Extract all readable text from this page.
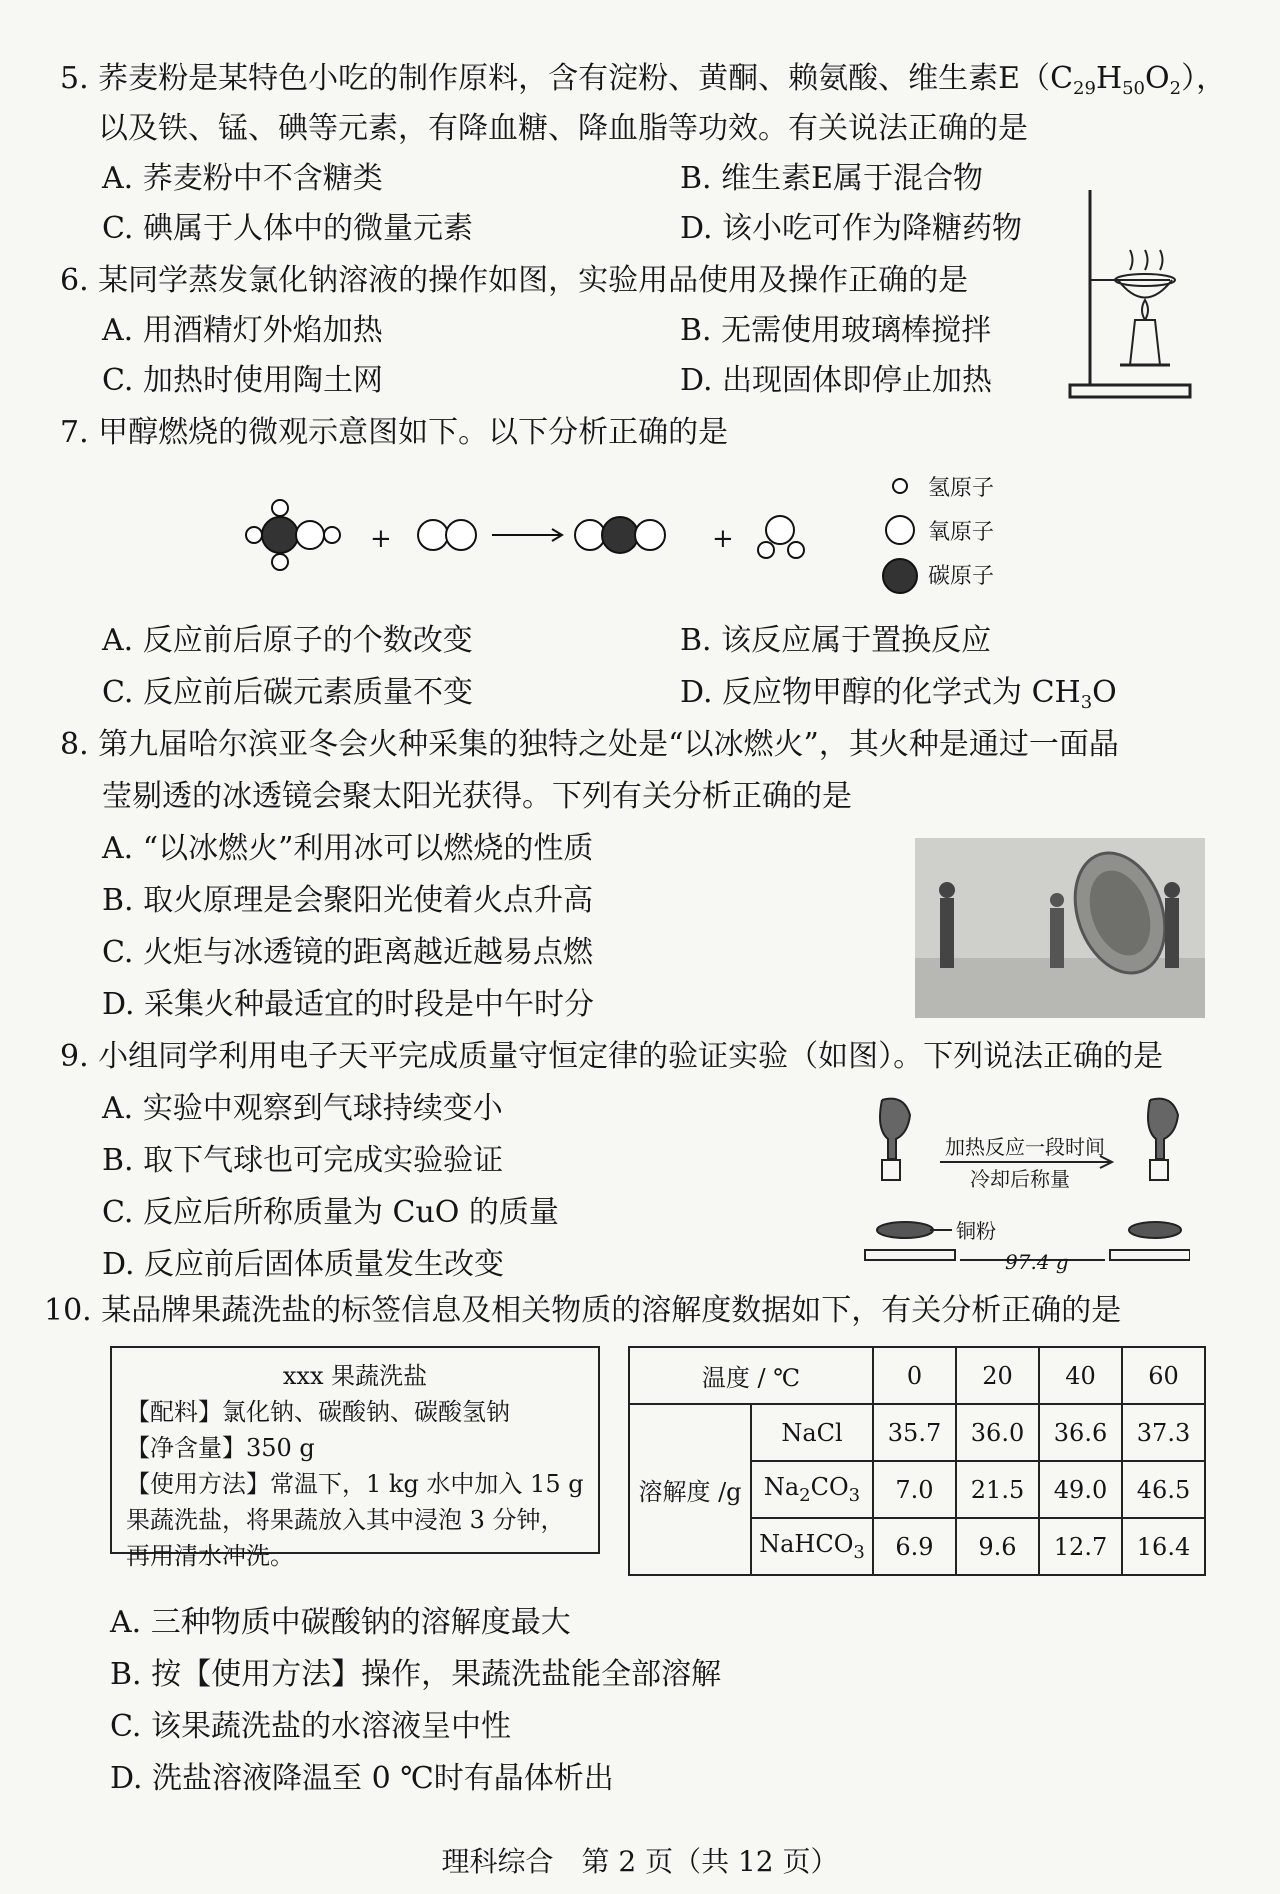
5. 荞麦粉是某特色小吃的制作原料，含有淀粉、黄酮、赖氨酸、维生素$E(C_{29}H_{50}O_2)$，
以及铁、锰、碘等元素，有降血糖、降血脂等功效。有关说法正确的是
A. 荞麦粉中不含糖类	B. 维生素E属于混合物
C. 碘属于人体中的微量元素	D. 该小吃可作为降糖药物
6. 某同学蒸发氯化钠溶液的操作如图，实验用品使用及操作正确的是
A. 用酒精灯外焰加热	B. 无需使用玻璃棒搅拌
C. 加热时使用陶土网	D. 出现固体即停止加热
7. 甲醇燃烧的微观示意图如下。以下分析正确的是
+	+
氢原子
氧原子
碳原子
A. 反应前后原子的个数改变	B. 该反应属于置换反应
C. 反应前后碳元素质量不变	D. 反应物甲醇的化学式为 $CH_3O$
8. 第九届哈尔滨亚冬会火种采集的独特之处是“以冰燃火”，其火种是通过一面晶
莹剔透的冰透镜会聚太阳光获得。下列有关分析正确的是
A. “以冰燃火”利用冰可以燃烧的性质
B. 取火原理是会聚阳光使着火点升高
C. 火炬与冰透镜的距离越近越易点燃
D. 采集火种最适宜的时段是中午时分
9. 小组同学利用电子天平完成质量守恒定律的验证实验（如图）。下列说法正确的是
A. 实验中观察到气球持续变小
B. 取下气球也可完成实验验证
C. 反应后所称质量为 CuO 的质量
D. 反应前后固体质量发生改变
加热反应一段时间
冷却后称量
铜粉
97.4 g
10. 某品牌果蔬洗盐的标签信息及相关物质的溶解度数据如下，有关分析正确的是
xxx 果蔬洗盐
【配料】氯化钠、碳酸钠、碳酸氢钠
【净含量】350 g
【使用方法】常温下，1 kg 水中加入 15 g
果蔬洗盐，将果蔬放入其中浸泡 3 分钟，
再用清水冲洗。
温度 / ℃		0	20	40	60
溶解度 /g	NaCl	35.7	36.0	36.6	37.3
	$Na_2CO_3$	7.0	21.5	49.0	46.5
	NaHCO$_3$	6.9	9.6	12.7	16.4
A. 三种物质中碳酸钠的溶解度最大
B. 按【使用方法】操作，果蔬洗盐能全部溶解
C. 该果蔬洗盐的水溶液呈中性
D. 洗盐溶液降温至 0 ℃时有晶体析出
理科综合　第 2 页（共 12 页）
